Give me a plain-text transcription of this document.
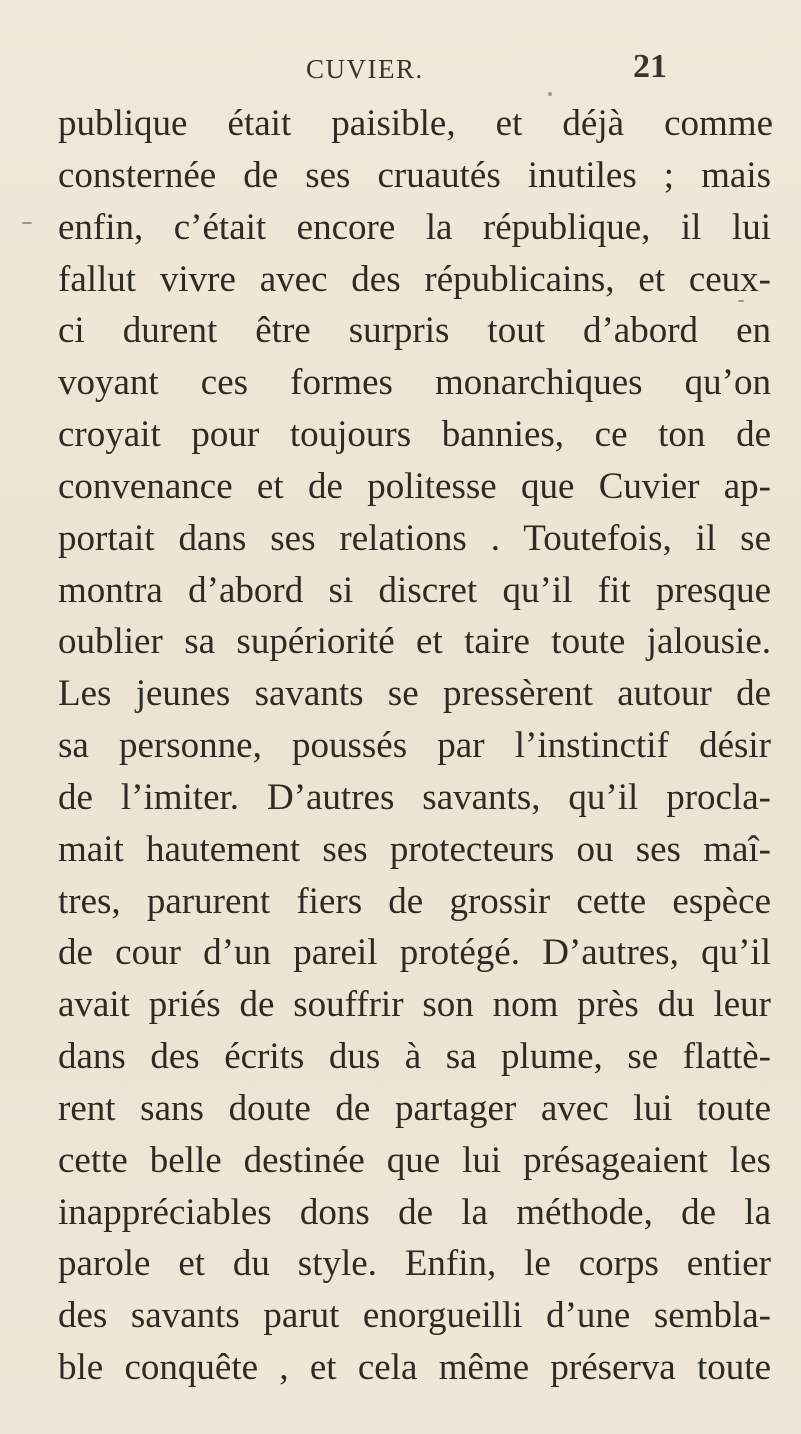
CUVIER.	21
publique était paisible, et déjà comme
consternée de ses cruautés inutiles ; mais
enfin, c’était encore la république, il lui
fallut vivre avec des républicains, et ceux-
ci durent être surpris tout d’abord en
voyant ces formes monarchiques qu’on
croyait pour toujours bannies, ce ton de
convenance et de politesse que Cuvier ap-
portait dans ses relations . Toutefois, il se
montra d’abord si discret qu’il fit presque
oublier sa supériorité et taire toute jalousie.
Les jeunes savants se pressèrent autour de
sa personne, poussés par l’instinctif désir
de l’imiter. D’autres savants, qu’il procla-
mait hautement ses protecteurs ou ses maî-
tres, parurent fiers de grossir cette espèce
de cour d’un pareil protégé. D’autres, qu’il
avait priés de souffrir son nom près du leur
dans des écrits dus à sa plume, se flattè-
rent sans doute de partager avec lui toute
cette belle destinée que lui présageaient les
inappréciables dons de la méthode, de la
parole et du style. Enfin, le corps entier
des savants parut enorgueilli d’une sembla-
ble conquête , et cela même préserva toute
